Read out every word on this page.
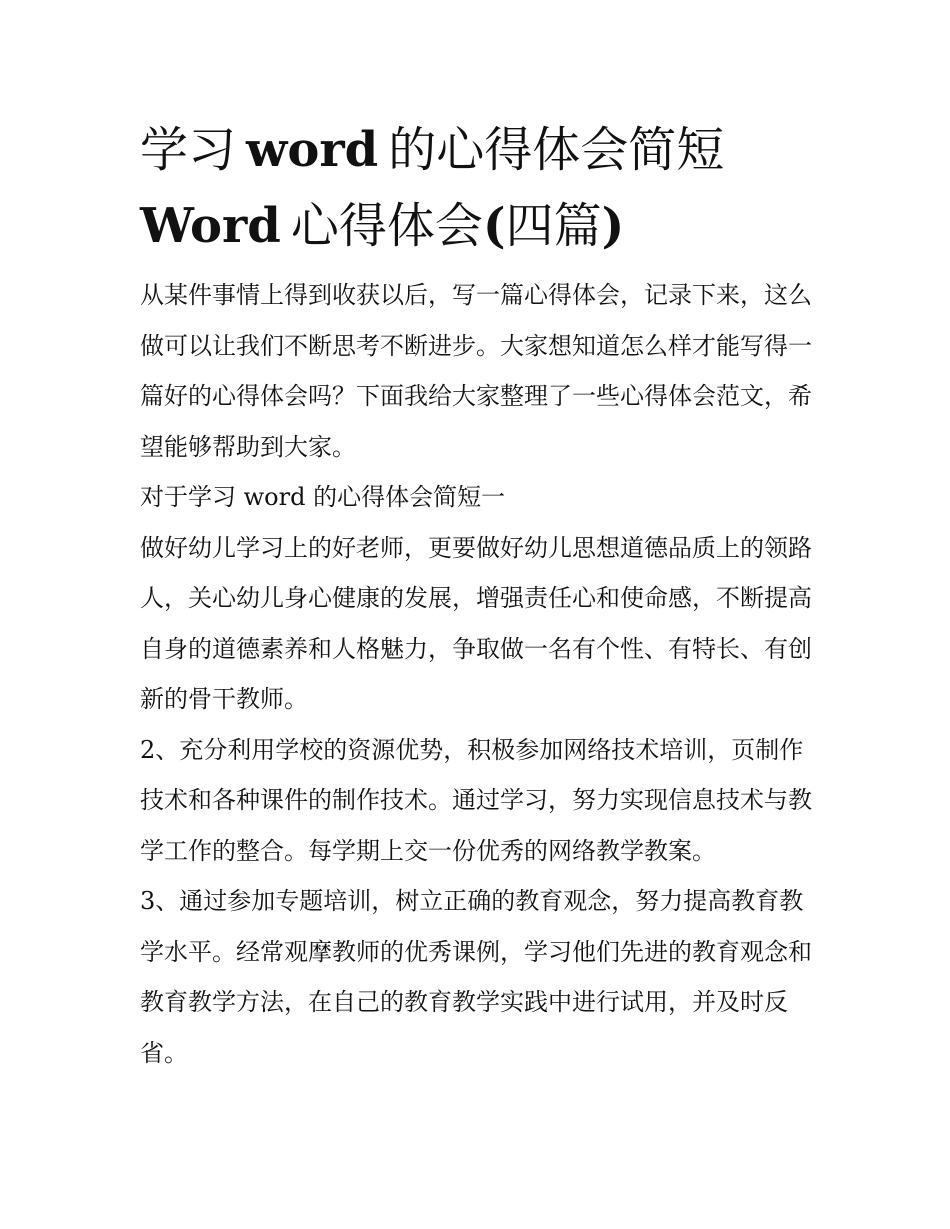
学习 word 的心得体会简短
Word 心得体会(四篇)

从某件事情上得到收获以后，写一篇心得体会，记录下来，这么做可以让我们不断思考不断进步。大家想知道怎么样才能写得一篇好的心得体会吗？下面我给大家整理了一些心得体会范文，希望能够帮助到大家。

对于学习 word 的心得体会简短一

做好幼儿学习上的好老师，更要做好幼儿思想道德品质上的领路人，关心幼儿身心健康的发展，增强责任心和使命感，不断提高自身的道德素养和人格魅力，争取做一名有个性、有特长、有创新的骨干教师。

2、充分利用学校的资源优势，积极参加网络技术培训，页制作技术和各种课件的制作技术。通过学习，努力实现信息技术与教学工作的整合。每学期上交一份优秀的网络教学教案。

3、通过参加专题培训，树立正确的教育观念，努力提高教育教学水平。经常观摩教师的优秀课例，学习他们先进的教育观念和教育教学方法，在自己的教育教学实践中进行试用，并及时反省。
